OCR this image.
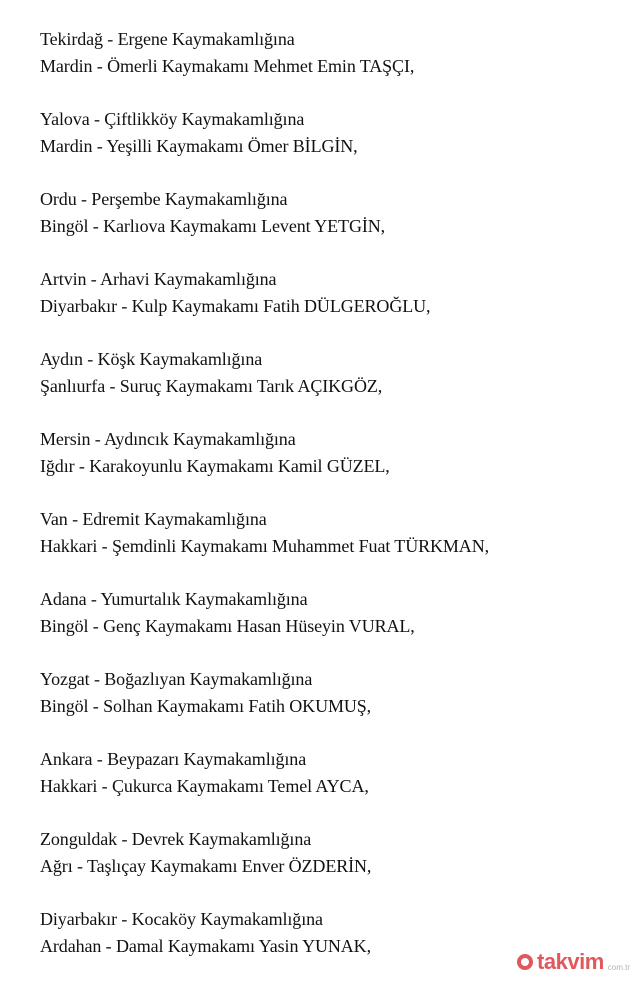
Tekirdağ - Ergene Kaymakamlığına
Mardin - Ömerli Kaymakamı Mehmet Emin TAŞÇI,
Yalova - Çiftlikköy Kaymakamlığına
Mardin - Yeşilli Kaymakamı Ömer BİLGİN,
Ordu - Perşembe Kaymakamlığına
Bingöl - Karlıova Kaymakamı Levent YETGİN,
Artvin - Arhavi Kaymakamlığına
Diyarbakır - Kulp Kaymakamı Fatih DÜLGEROĞLU,
Aydın - Köşk Kaymakamlığına
Şanlıurfa - Suruç Kaymakamı Tarık AÇIKGÖZ,
Mersin - Aydıncık Kaymakamlığına
Iğdır - Karakoyunlu Kaymakamı Kamil GÜZEL,
Van - Edremit Kaymakamlığına
Hakkari - Şemdinli Kaymakamı Muhammet Fuat TÜRKMAN,
Adana - Yumurtalık Kaymakamlığına
Bingöl - Genç Kaymakamı Hasan Hüseyin VURAL,
Yozgat - Boğazlıyan Kaymakamlığına
Bingöl - Solhan Kaymakamı Fatih OKUMUŞ,
Ankara - Beypazarı Kaymakamlığına
Hakkari - Çukurca Kaymakamı Temel AYCA,
Zonguldak - Devrek Kaymakamlığına
Ağrı - Taşlıçay Kaymakamı Enver ÖZDERİN,
Diyarbakır - Kocaköy Kaymakamlığına
Ardahan - Damal Kaymakamı Yasin YUNAK,
takvim com.tr
